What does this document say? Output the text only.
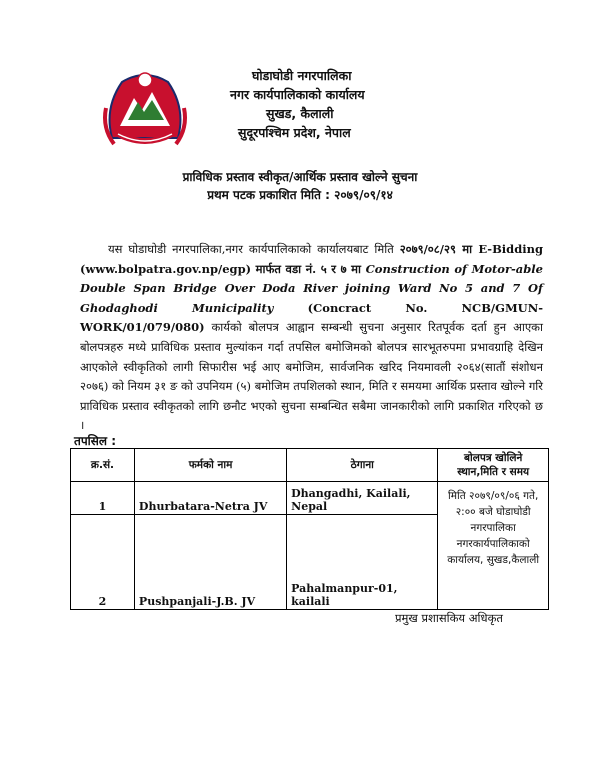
घोडाघोडी नगरपालिका
नगर कार्यपालिकाको कार्यालय
सुखड, कैलाली
सुदूरपश्चिम प्रदेश, नेपाल
प्राविधिक प्रस्ताव स्वीकृत/आर्थिक प्रस्ताव खोल्ने सुचना
प्रथम पटक प्रकाशित मिति : २०७९/०९/१४
यस घोडाघोडी नगरपालिका,नगर कार्यपालिकाको कार्यालयबाट मिति २०७९/०८/२९ मा E-Bidding (www.bolpatra.gov.np/egp) मार्फत वडा नं. ५ र ७ मा Construction of Motor-able Double Span Bridge Over Doda River joining Ward No 5 and 7 Of Ghodaghodi Municipality (Concract No. NCB/GMUN-WORK/01/079/080) कार्यको बोलपत्र आह्वान सम्बन्धी सुचना अनुसार रितपूर्वक दर्ता हुन आएका बोलपत्रहरु मध्ये प्राविधिक प्रस्ताव मुल्यांकन गर्दा तपसिल बमोजिमको बोलपत्र सारभूतरुपमा प्रभावग्राहि देखिन आएकोले स्वीकृतिको लागी सिफारीस भई आए बमोजिम, सार्वजनिक खरिद नियमावली २०६४(सातौं संशोधन २०७६) को नियम ३१ ङ को उपनियम (५) बमोजिम तपशिलको स्थान, मिति र समयमा आर्थिक प्रस्ताव खोल्ने गरि प्राविधिक प्रस्ताव स्वीकृतको लागि छनौट भएको सुचना सम्बन्धित सबैमा जानकारीको लागि प्रकाशित गरिएको छ ।
तपसिल :
क्र.सं.	फर्मको नाम	ठेगाना	बोलपत्र खोलिने स्थान,मिति र समय
1	Dhurbatara-Netra JV	Dhangadhi, Kailali, Nepal	मिति २०७९/०९/०६ गते, २:०० बजे घोडाघोडी नगरपालिका नगरकार्यपालिकाको कार्यालय, सुखड,कैलाली
2	Pushpanjali-J.B. JV	Pahalmanpur-01, kailali	
प्रमुख प्रशासकिय अधिकृत
